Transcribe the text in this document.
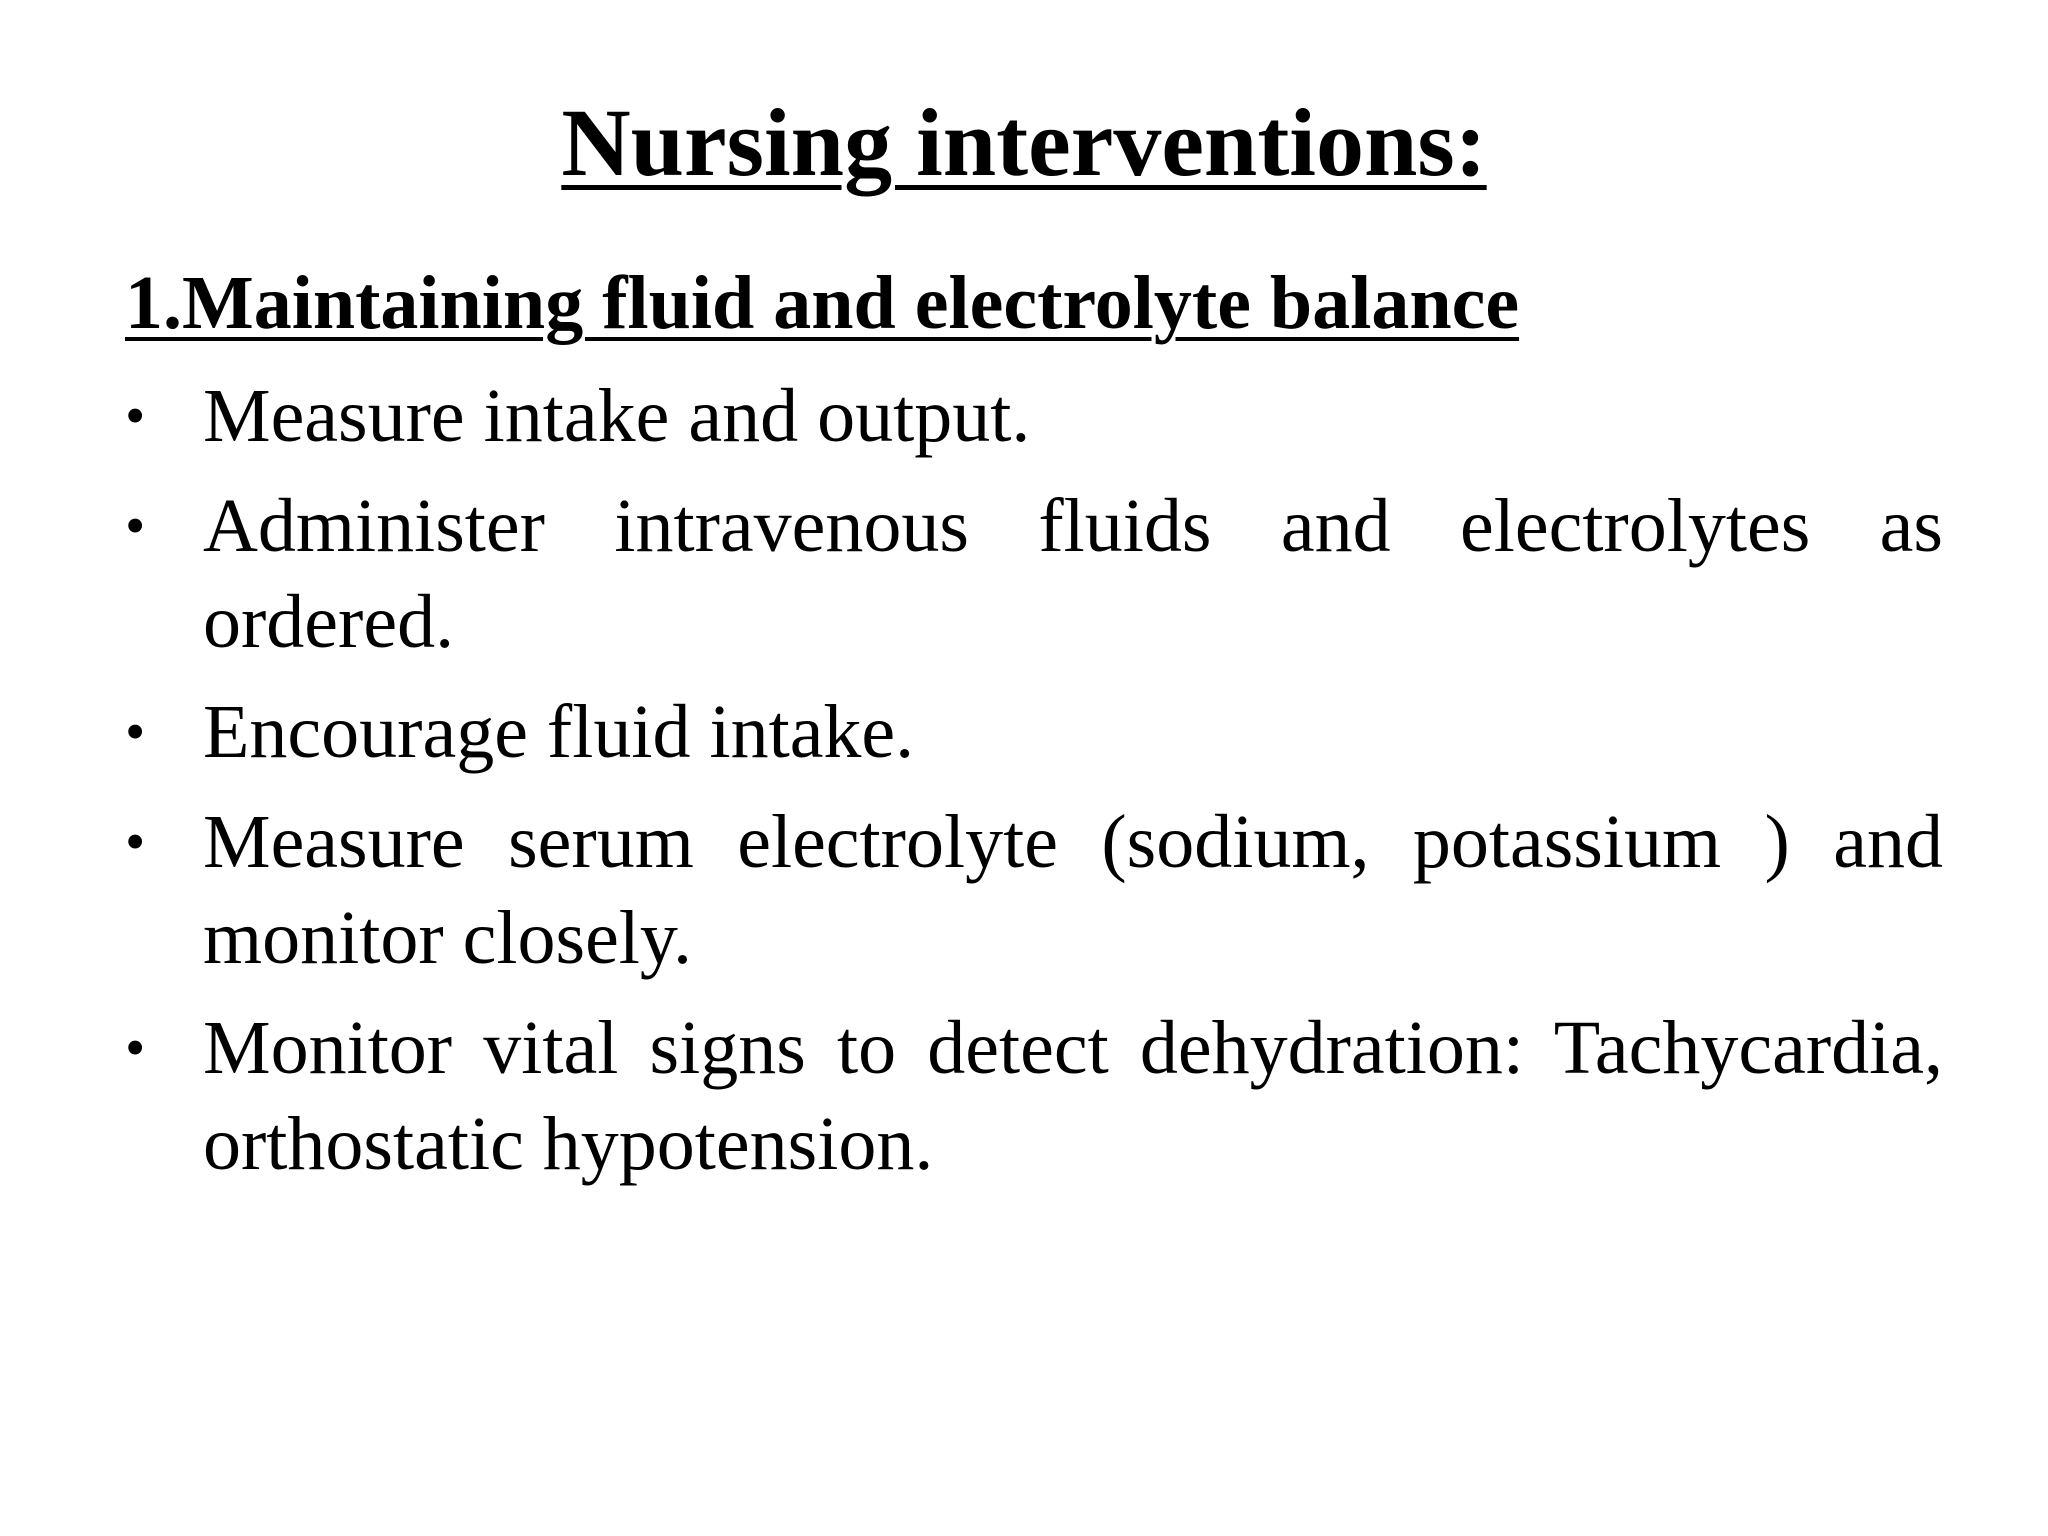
Nursing interventions:
1.Maintaining fluid and electrolyte balance
• Measure intake and output.
• Administer intravenous fluids and electrolytes as ordered.
• Encourage fluid intake.
• Measure serum electrolyte (sodium, potassium ) and monitor closely.
• Monitor vital signs to detect dehydration: Tachycardia, orthostatic hypotension.
